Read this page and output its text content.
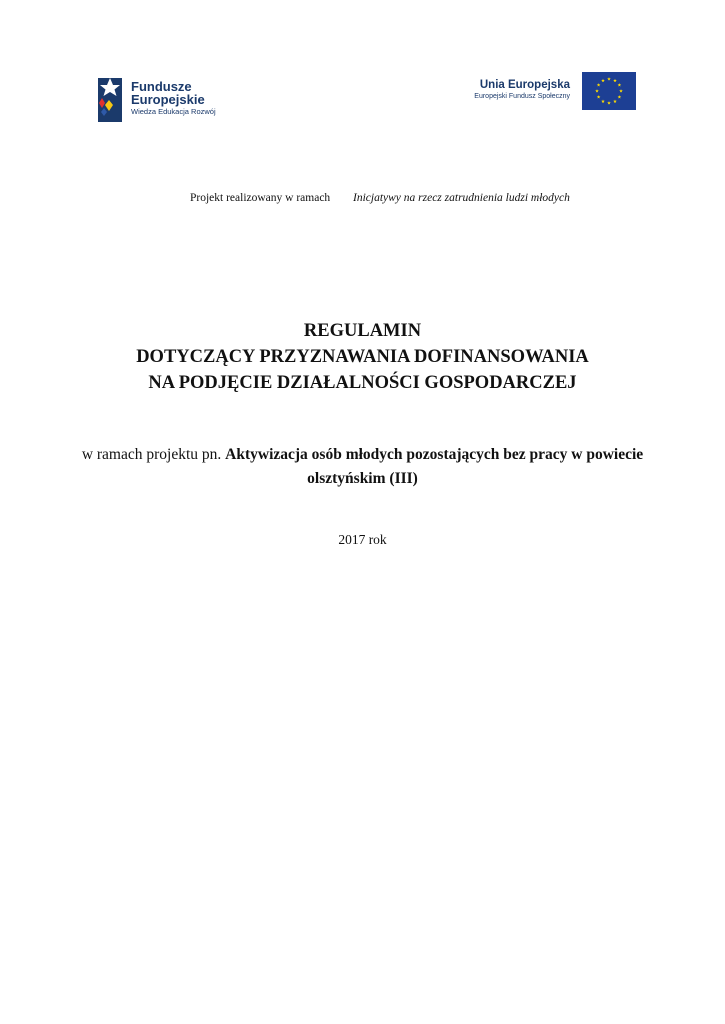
Fundusze
Europejskie
Wiedza Edukacja Rozwój
Unia Europejska
Europejski Fundusz Społeczny
Projekt realizowany w ramach Inicjatywy na rzecz zatrudnienia ludzi młodych
REGULAMIN
DOTYCZĄCY PRZYZNAWANIA DOFINANSOWANIA
NA PODJĘCIE DZIAŁALNOŚCI GOSPODARCZEJ
w ramach projektu pn. Aktywizacja osób młodych pozostających bez pracy w powiecie olsztyńskim (III)
2017 rok
